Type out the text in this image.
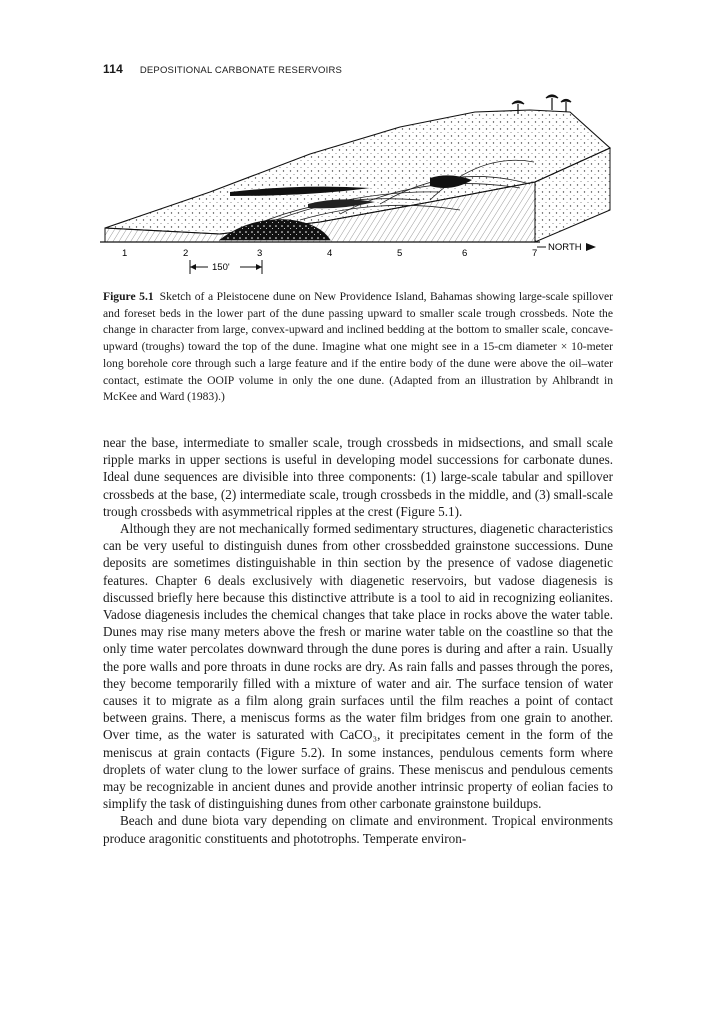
114 DEPOSITIONAL CARBONATE RESERVOIRS
1	2	3	4	5	6	7
NORTH
150'
Figure 5.1 Sketch of a Pleistocene dune on New Providence Island, Bahamas showing large-scale spillover and foreset beds in the lower part of the dune passing upward to smaller scale trough crossbeds. Note the change in character from large, convex-upward and inclined bedding at the bottom to smaller scale, concave-upward (troughs) toward the top of the dune. Imagine what one might see in a 15-cm diameter × 10-meter long borehole core through such a large feature and if the entire body of the dune were above the oil–water contact, estimate the OOIP volume in only the one dune. (Adapted from an illustration by Ahlbrandt in McKee and Ward (1983).)

near the base, intermediate to smaller scale, trough crossbeds in midsections, and small scale ripple marks in upper sections is useful in developing model successions for carbonate dunes. Ideal dune sequences are divisible into three components: (1) large-scale tabular and spillover crossbeds at the base, (2) intermediate scale, trough crossbeds in the middle, and (3) small-scale trough crossbeds with asymmetrical ripples at the crest (Figure 5.1).

Although they are not mechanically formed sedimentary structures, diagenetic characteristics can be very useful to distinguish dunes from other crossbedded grainstone successions. Dune deposits are sometimes distinguishable in thin section by the presence of vadose diagenetic features. Chapter 6 deals exclusively with diagenetic reservoirs, but vadose diagenesis is discussed briefly here because this distinctive attribute is a tool to aid in recognizing eolianites. Vadose diagenesis includes the chemical changes that take place in rocks above the water table. Dunes may rise many meters above the fresh or marine water table on the coastline so that the only time water percolates downward through the dune pores is during and after a rain. Usually the pore walls and pore throats in dune rocks are dry. As rain falls and passes through the pores, they become temporarily filled with a mixture of water and air. The surface tension of water causes it to migrate as a film along grain surfaces until the film reaches a point of contact between grains. There, a meniscus forms as the water film bridges from one grain to another. Over time, as the water is saturated with CaCO₃, it precipitates cement in the form of the meniscus at grain contacts (Figure 5.2). In some instances, pendulous cements form where droplets of water clung to the lower surface of grains. These meniscus and pendulous cements may be recognizable in ancient dunes and provide another intrinsic property of eolian facies to simplify the task of distinguishing dunes from other carbonate grainstone buildups.

Beach and dune biota vary depending on climate and environment. Tropical environments produce aragonitic constituents and phototrophs. Temperate environ-
